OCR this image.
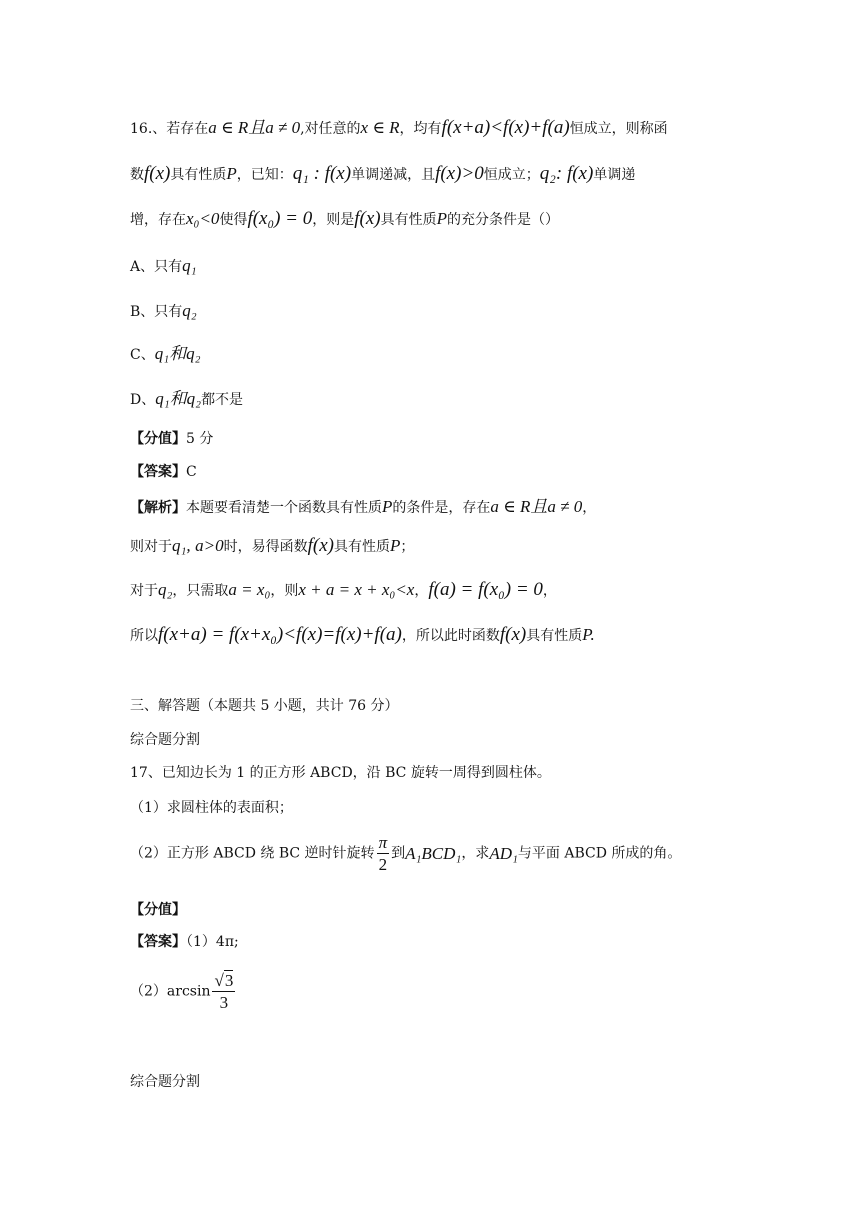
16.、若存在a ∈ R且a ≠ 0,对任意的x ∈ R，均有f(x+a)<f(x)+f(a)恒成立，则称函
数f(x)具有性质P，已知：q₁ : f(x)单调递减，且f(x)>0恒成立；q₂: f(x)单调递
增，存在x₀<0使得f(x₀) = 0，则是f(x)具有性质P的充分条件是（）
A、只有q₁
B、只有q₂
C、q₁和q₂
D、q₁和q₂都不是
【分值】5 分
【答案】C
【解析】本题要看清楚一个函数具有性质P的条件是，存在a ∈ R且a ≠ 0，
则对于q₁, a>0时，易得函数f(x)具有性质P；
对于q₂，只需取a = x₀，则x + a = x + x₀<x，f(a) = f(x₀) = 0，
所以f(x+a) = f(x+x₀)<f(x)=f(x)+f(a)，所以此时函数f(x)具有性质P.
三、解答题（本题共 5 小题，共计 76 分）
综合题分割
17、已知边长为 1 的正方形 ABCD，沿 BC 旋转一周得到圆柱体。
（1）求圆柱体的表面积；
（2）正方形 ABCD 绕 BC 逆时针旋转 $\frac{\pi}{2}$ 到A₁BCD₁，求AD₁与平面 ABCD 所成的角。
【分值】
【答案】（1）4π;
$(2)\arcsin \frac{√3}{3}$
综合题分割
